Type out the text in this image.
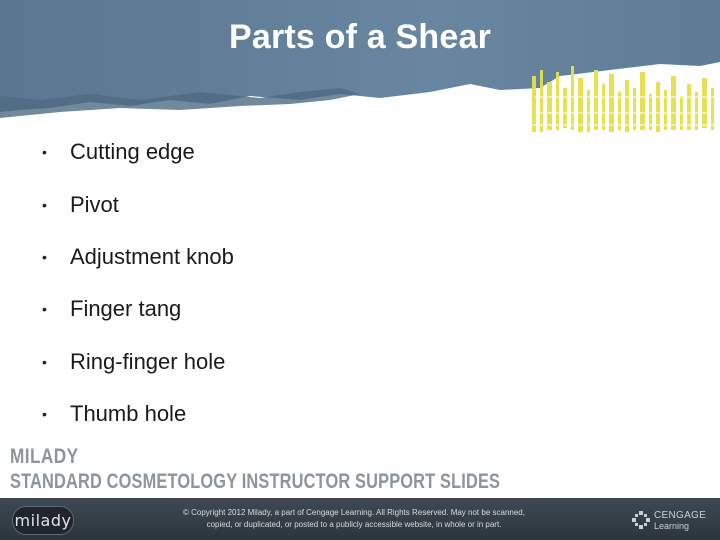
Parts of a Shear
•	Cutting edge
•	Pivot
•	Adjustment knob
•	Finger tang
•	Ring-finger hole
•	Thumb hole
MILADY
STANDARD COSMETOLOGY INSTRUCTOR SUPPORT SLIDES
milady	© Copyright 2012 Milady, a part of Cengage Learning. All Rights Reserved. May not be scanned,
copied, or duplicated, or posted to a publicly accessible website, in whole or in part.
CENGAGE
Learning
